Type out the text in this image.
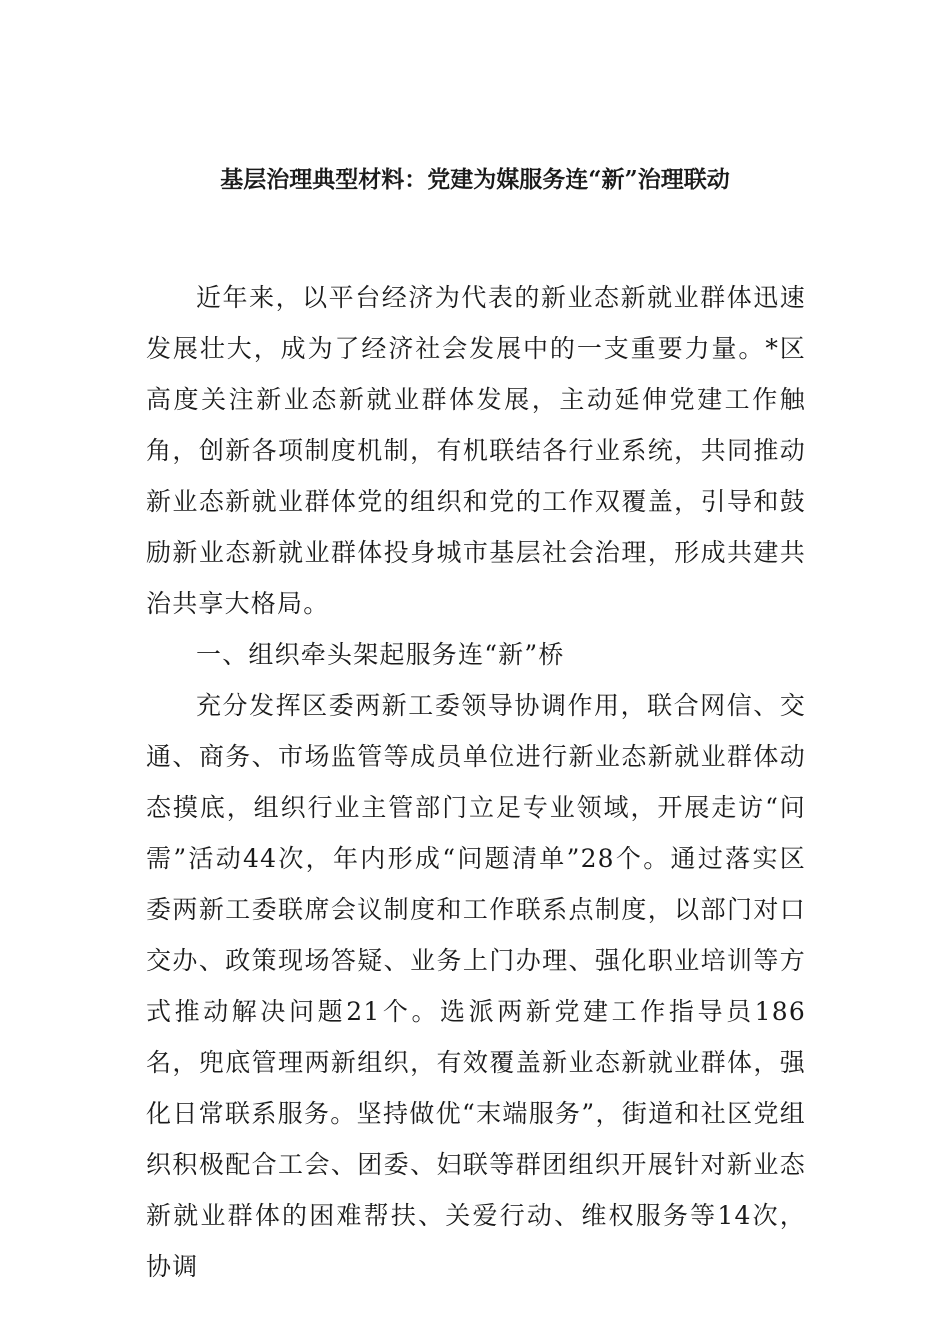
基层治理典型材料：党建为媒服务连“新”治理联动

近年来，以平台经济为代表的新业态新就业群体迅速发展壮大，成为了经济社会发展中的一支重要力量。*区高度关注新业态新就业群体发展，主动延伸党建工作触角，创新各项制度机制，有机联结各行业系统，共同推动新业态新就业群体党的组织和党的工作双覆盖，引导和鼓励新业态新就业群体投身城市基层社会治理，形成共建共治共享大格局。

一、组织牵头架起服务连“新”桥

充分发挥区委两新工委领导协调作用，联合网信、交通、商务、市场监管等成员单位进行新业态新就业群体动态摸底，组织行业主管部门立足专业领域，开展走访“问需”活动44次，年内形成“问题清单”28个。通过落实区委两新工委联席会议制度和工作联系点制度，以部门对口交办、政策现场答疑、业务上门办理、强化职业培训等方式推动解决问题21个。选派两新党建工作指导员186名，兜底管理两新组织，有效覆盖新业态新就业群体，强化日常联系服务。坚持做优“末端服务”，街道和社区党组织积极配合工会、团委、妇联等群团组织开展针对新业态新就业群体的困难帮扶、关爱行动、维权服务等14次，协调
